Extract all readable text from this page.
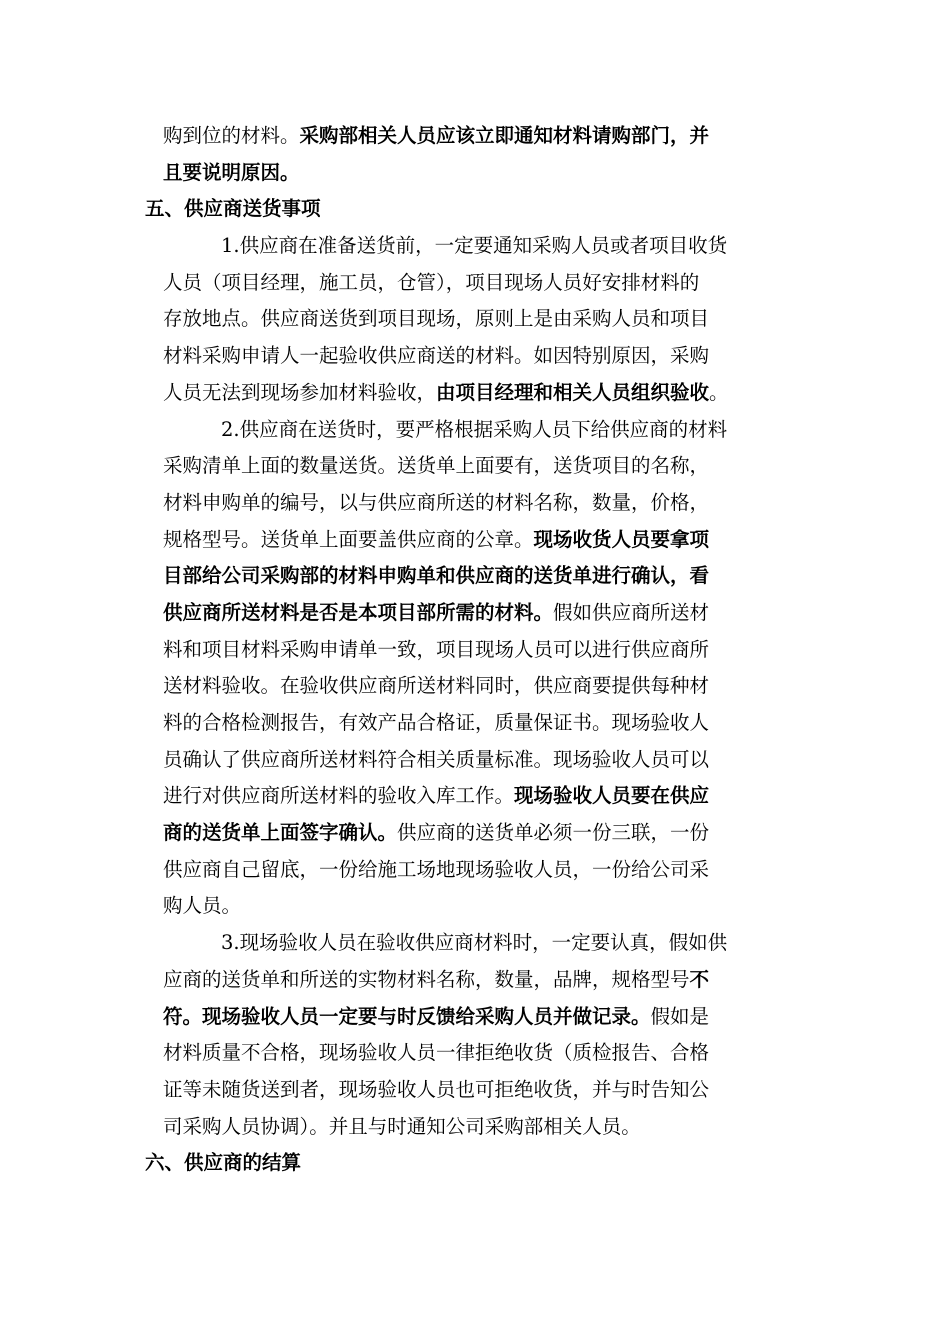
购到位的材料。采购部相关人员应该立即通知材料请购部门，并
且要说明原因。
五、供应商送货事项
1.供应商在准备送货前，一定要通知采购人员或者项目收货
人员（项目经理，施工员，仓管），项目现场人员好安排材料的
存放地点。供应商送货到项目现场，原则上是由采购人员和项目
材料采购申请人一起验收供应商送的材料。如因特别原因，采购
人员无法到现场参加材料验收，由项目经理和相关人员组织验收。
2.供应商在送货时，要严格根据采购人员下给供应商的材料
采购清单上面的数量送货。送货单上面要有，送货项目的名称，
材料申购单的编号，以与供应商所送的材料名称，数量，价格，
规格型号。送货单上面要盖供应商的公章。现场收货人员要拿项
目部给公司采购部的材料申购单和供应商的送货单进行确认，看
供应商所送材料是否是本项目部所需的材料。假如供应商所送材
料和项目材料采购申请单一致，项目现场人员可以进行供应商所
送材料验收。在验收供应商所送材料同时，供应商要提供每种材
料的合格检测报告，有效产品合格证，质量保证书。现场验收人
员确认了供应商所送材料符合相关质量标准。现场验收人员可以
进行对供应商所送材料的验收入库工作。现场验收人员要在供应
商的送货单上面签字确认。供应商的送货单必须一份三联，一份
供应商自己留底，一份给施工场地现场验收人员，一份给公司采
购人员。
3.现场验收人员在验收供应商材料时，一定要认真，假如供
应商的送货单和所送的实物材料名称，数量，品牌，规格型号不
符。现场验收人员一定要与时反馈给采购人员并做记录。假如是
材料质量不合格，现场验收人员一律拒绝收货（质检报告、合格
证等未随货送到者，现场验收人员也可拒绝收货，并与时告知公
司采购人员协调）。并且与时通知公司采购部相关人员。
六、供应商的结算
